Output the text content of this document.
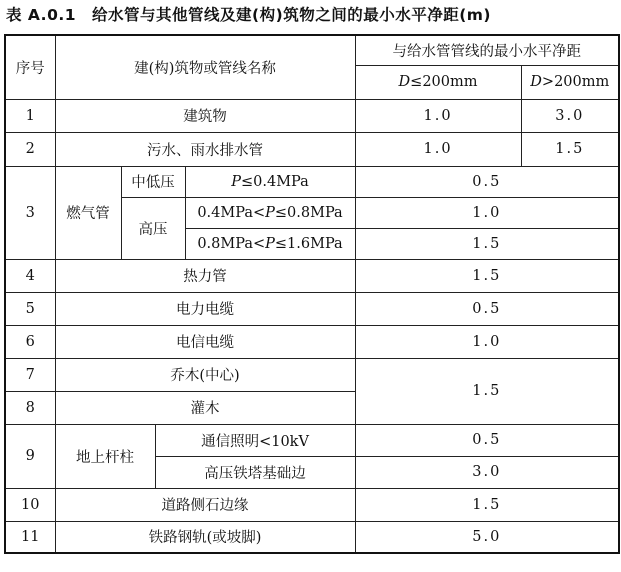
表 A.0.1　给水管与其他管线及建(构)筑物之间的最小水平净距(m)
序号	建(构)筑物或管线名称				与给水管管线的最小水平净距	
					D≤200mm	D>200mm
1	建筑物				1.0	3.0
2	污水、雨水排水管				1.0	1.5
3	燃气管	中低压		P≤0.4MPa	0.5	
		高压		0.4MPa<P≤0.8MPa	1.0	
				0.8MPa<P≤1.6MPa	1.5	
4	热力管				1.5	
5	电力电缆				0.5	
6	电信电缆				1.0	
7	乔木(中心)				1.5	
8	灌木					
9	地上杆柱		通信照明<10kV		0.5	
			高压铁塔基础边		3.0	
10	道路侧石边缘				1.5	
11	铁路钢轨(或坡脚)				5.0	
